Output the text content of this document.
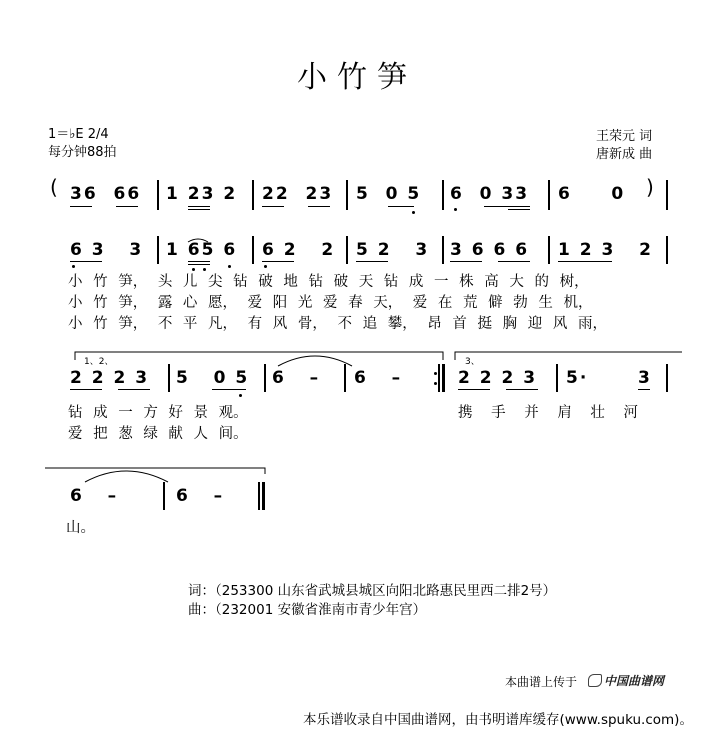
小竹笋
1＝♭E 2/4
每分钟88拍
王荣元 词
唐新成 曲
( 36  66 1 23 2 22  23 5  0 5 6  0 33 6     0 )
6 3   3 1 65 6 6 2   2 5 2   3 3 6 6 6 1 2 3   2
小 竹 笋， 头 儿 尖 钻 破 地 钻 破 天 钻 成 一 株 高 大 的 树，
小 竹 笋， 露 心 愿， 爱 阳 光 爱 春 天， 爱 在 荒 僻 勃 生 机，
小 竹 笋， 不 平 凡， 有 风 骨， 不 追 攀， 昂 首 挺 胸 迎 风 雨，
1、2、	3、
2 2 2 3 5   0 5 6   – 6   –	2 2 2 3 5·	3
钻 成 一 方 好 景 观。
爱 把 葱 绿 献 人 间。
携 手 并 肩 壮 河
6   –	6   –
山。
词：（253300 山东省武城县城区向阳北路惠民里西二排2号）
曲：（232001 安徽省淮南市青少年宫）
本曲谱上传于	中国曲谱网
本乐谱收录自中国曲谱网，由书明谱库缓存(www.spuku.com)。
